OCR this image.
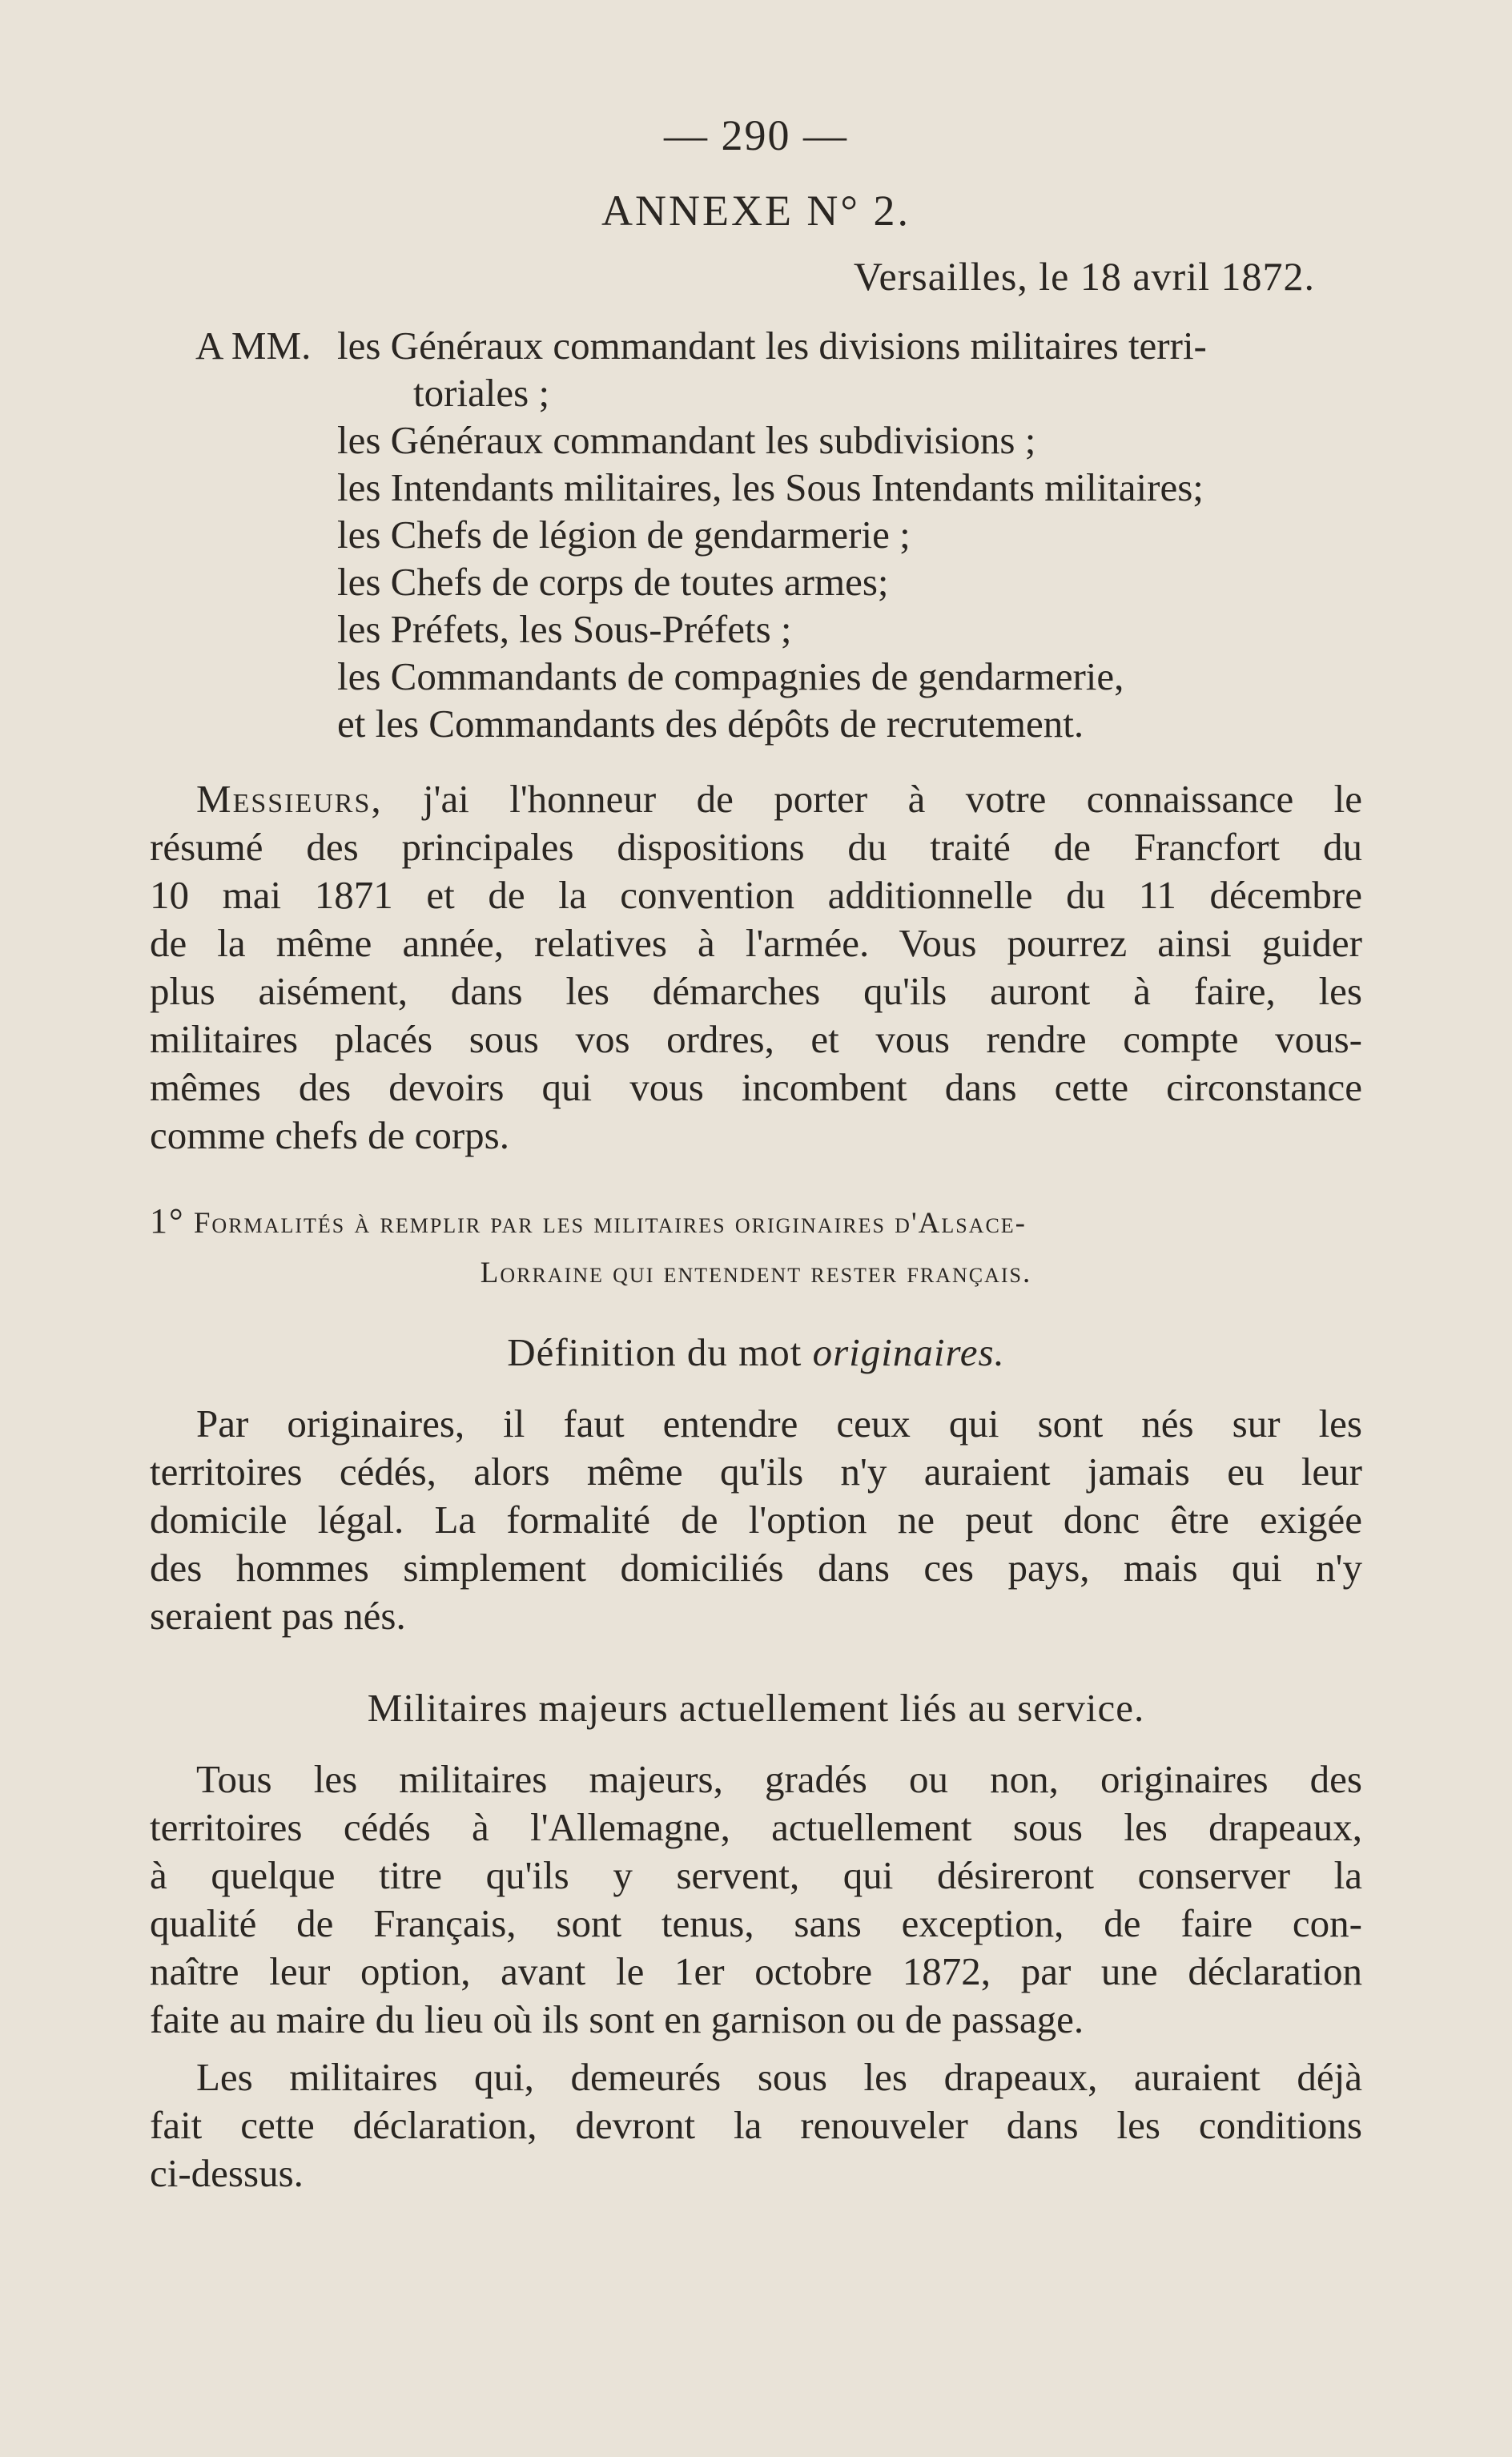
— 290 —
ANNEXE N° 2.
Versailles, le 18 avril 1872.
A MM. les Généraux commandant les divisions militaires terri-
toriales ;
les Généraux commandant les subdivisions ;
les Intendants militaires, les Sous Intendants militaires;
les Chefs de légion de gendarmerie ;
les Chefs de corps de toutes armes;
les Préfets, les Sous-Préfets ;
les Commandants de compagnies de gendarmerie,
et les Commandants des dépôts de recrutement.
Messieurs, j'ai l'honneur de porter à votre connaissance le
résumé des principales dispositions du traité de Francfort du
10 mai 1871 et de la convention additionnelle du 11 décembre
de la même année, relatives à l'armée. Vous pourrez ainsi guider
plus aisément, dans les démarches qu'ils auront à faire, les
militaires placés sous vos ordres, et vous rendre compte vous-
mêmes des devoirs qui vous incombent dans cette circonstance
comme chefs de corps.
1° Formalités à remplir par les militaires originaires d'Alsace-
Lorraine qui entendent rester français.
Définition du mot originaires.
Par originaires, il faut entendre ceux qui sont nés sur les
territoires cédés, alors même qu'ils n'y auraient jamais eu leur
domicile légal. La formalité de l'option ne peut donc être exigée
des hommes simplement domiciliés dans ces pays, mais qui n'y
seraient pas nés.
Militaires majeurs actuellement liés au service.
Tous les militaires majeurs, gradés ou non, originaires des
territoires cédés à l'Allemagne, actuellement sous les drapeaux,
à quelque titre qu'ils y servent, qui désireront conserver la
qualité de Français, sont tenus, sans exception, de faire con-
naître leur option, avant le 1er octobre 1872, par une déclaration
faite au maire du lieu où ils sont en garnison ou de passage.
Les militaires qui, demeurés sous les drapeaux, auraient déjà
fait cette déclaration, devront la renouveler dans les conditions
ci-dessus.
